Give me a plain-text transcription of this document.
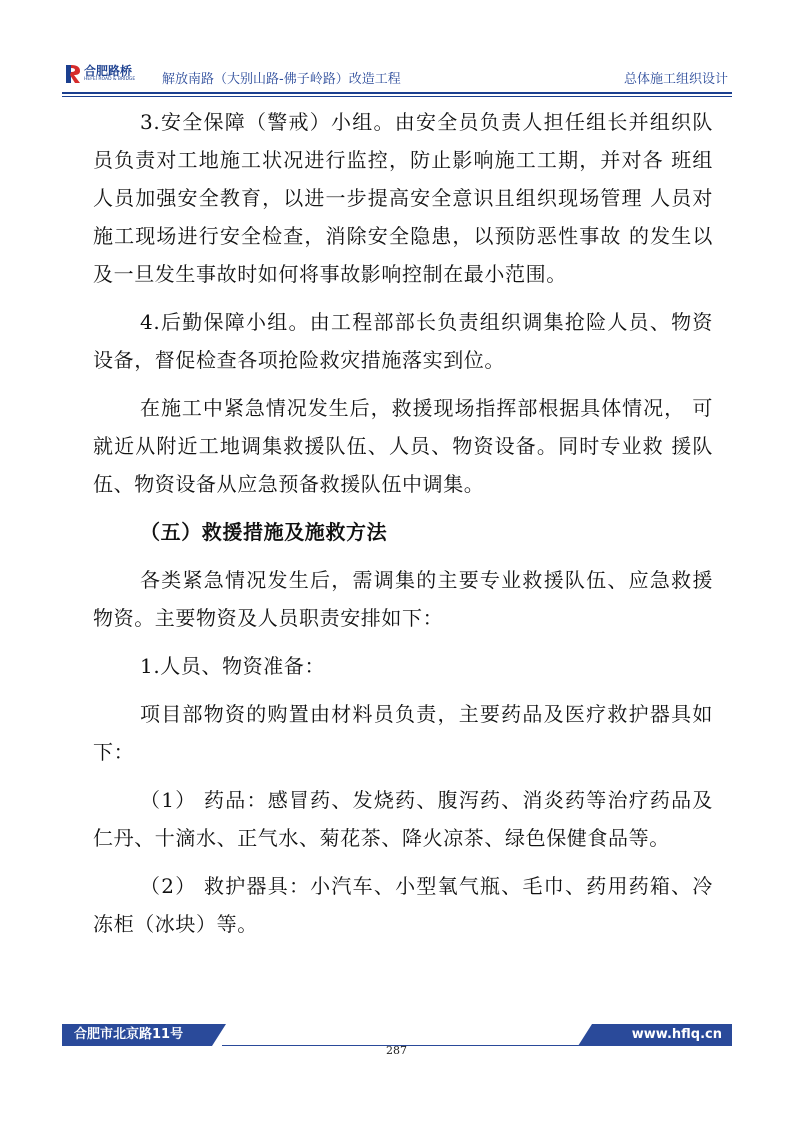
合肥路桥
HEFEI ROAD & BRIDGE 解放南路（大别山路-佛子岭路）改造工程	总体施工组织设计

3.安全保障（警戒）小组。由安全员负责人担任组长并组织队员负责对工地施工状况进行监控，防止影响施工工期，并对各 班组人员加强安全教育，以进一步提高安全意识且组织现场管理 人员对施工现场进行安全检查，消除安全隐患，以预防恶性事故 的发生以及一旦发生事故时如何将事故影响控制在最小范围。

4.后勤保障小组。由工程部部长负责组织调集抢险人员、物资设备，督促检查各项抢险救灾措施落实到位。

在施工中紧急情况发生后，救援现场指挥部根据具体情况， 可就近从附近工地调集救援队伍、人员、物资设备。同时专业救 援队伍、物资设备从应急预备救援队伍中调集。

（五）救援措施及施救方法

各类紧急情况发生后，需调集的主要专业救援队伍、应急救援物资。主要物资及人员职责安排如下：

1.人员、物资准备：

项目部物资的购置由材料员负责，主要药品及医疗救护器具如下：

（1） 药品：感冒药、发烧药、腹泻药、消炎药等治疗药品及仁丹、十滴水、正气水、菊花茶、降火凉茶、绿色保健食品等。

（2） 救护器具：小汽车、小型氧气瓶、毛巾、药用药箱、冷冻柜（冰块）等。

合肥市北京路11号	www.hflq.cn
287
